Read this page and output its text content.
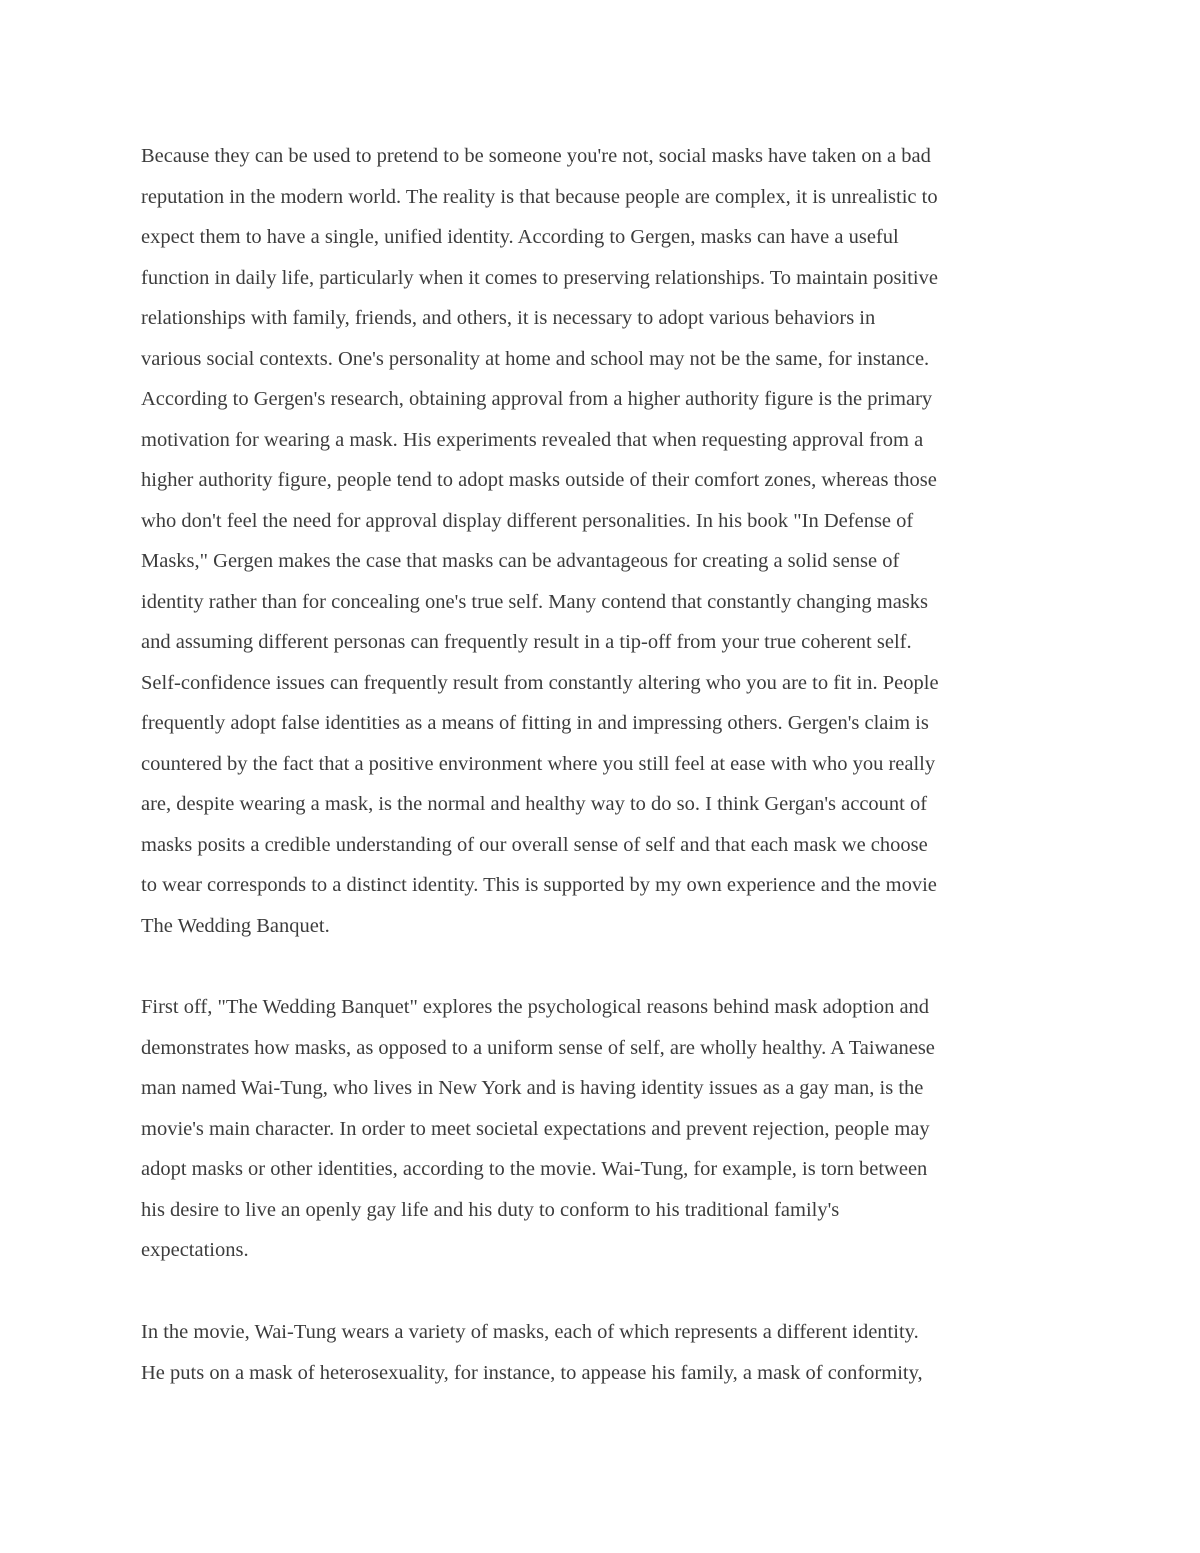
Because they can be used to pretend to be someone you're not, social masks have taken on a bad
reputation in the modern world. The reality is that because people are complex, it is unrealistic to
expect them to have a single, unified identity. According to Gergen, masks can have a useful
function in daily life, particularly when it comes to preserving relationships. To maintain positive
relationships with family, friends, and others, it is necessary to adopt various behaviors in
various social contexts. One's personality at home and school may not be the same, for instance.
According to Gergen's research, obtaining approval from a higher authority figure is the primary
motivation for wearing a mask. His experiments revealed that when requesting approval from a
higher authority figure, people tend to adopt masks outside of their comfort zones, whereas those
who don't feel the need for approval display different personalities. In his book "In Defense of
Masks," Gergen makes the case that masks can be advantageous for creating a solid sense of
identity rather than for concealing one's true self. Many contend that constantly changing masks
and assuming different personas can frequently result in a tip-off from your true coherent self.
Self-confidence issues can frequently result from constantly altering who you are to fit in. People
frequently adopt false identities as a means of fitting in and impressing others. Gergen's claim is
countered by the fact that a positive environment where you still feel at ease with who you really
are, despite wearing a mask, is the normal and healthy way to do so. I think Gergan's account of
masks posits a credible understanding of our overall sense of self and that each mask we choose
to wear corresponds to a distinct identity. This is supported by my own experience and the movie
The Wedding Banquet.
First off, "The Wedding Banquet" explores the psychological reasons behind mask adoption and
demonstrates how masks, as opposed to a uniform sense of self, are wholly healthy. A Taiwanese
man named Wai-Tung, who lives in New York and is having identity issues as a gay man, is the
movie's main character. In order to meet societal expectations and prevent rejection, people may
adopt masks or other identities, according to the movie. Wai-Tung, for example, is torn between
his desire to live an openly gay life and his duty to conform to his traditional family's
expectations.
In the movie, Wai-Tung wears a variety of masks, each of which represents a different identity.
He puts on a mask of heterosexuality, for instance, to appease his family, a mask of conformity,
